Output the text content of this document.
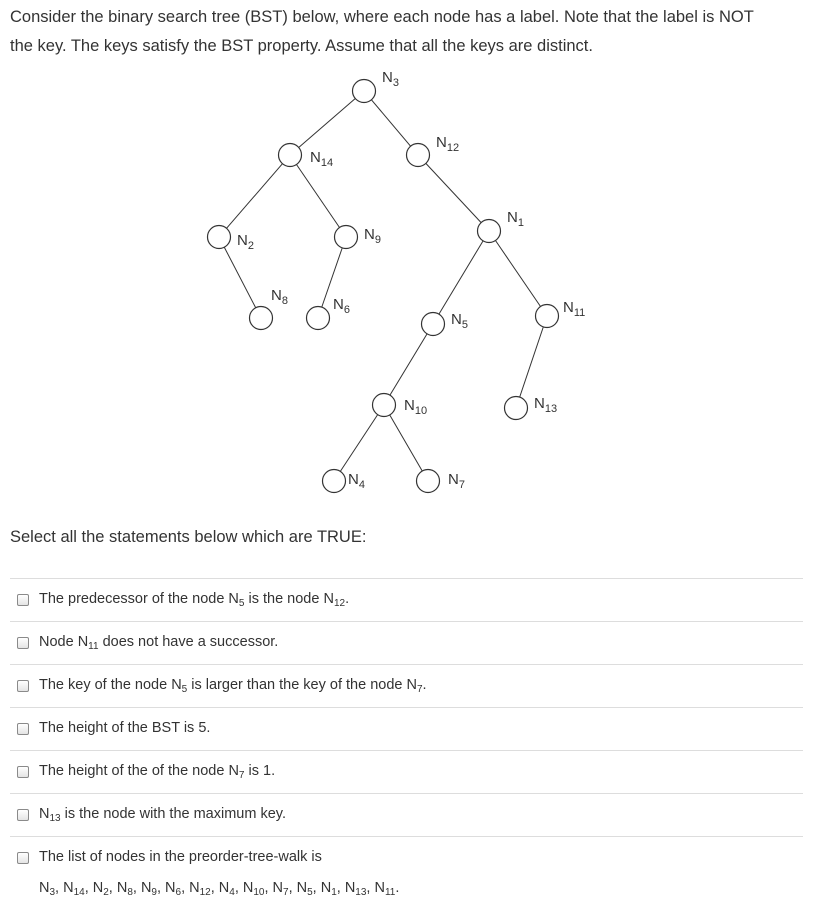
Consider the binary search tree (BST) below, where each node has a label. Note that the label is NOT
the key. The keys satisfy the BST property. Assume that all the keys are distinct.
$N_3$
$N_{14}$
$N_{12}$
$N_2$
$N_9$
$N_1$
$N_8$	$N_6$
$N_5$
$N_{11}$
$N_{10}$	$N_{13}$
$N_4$	$N_7$
Select all the statements below which are TRUE:
The predecessor of the node $N_5$ is the node $N_{12}$.
Node $N_{11}$ does not have a successor.
The key of the node $N_5$ is larger than the key of the node $N_7$.
The height of the BST is 5.
The height of the of the node $N_7$ is 1.
$N_{13}$ is the node with the maximum key.
The list of nodes in the preorder-tree-walk is
$N_3$, $N_{14}$, $N_2$, $N_8$, $N_9$, $N_6$, $N_{12}$, $N_4$, $N_{10}$, $N_7$, $N_5$, $N_1$, $N_{13}$, $N_{11}$.
